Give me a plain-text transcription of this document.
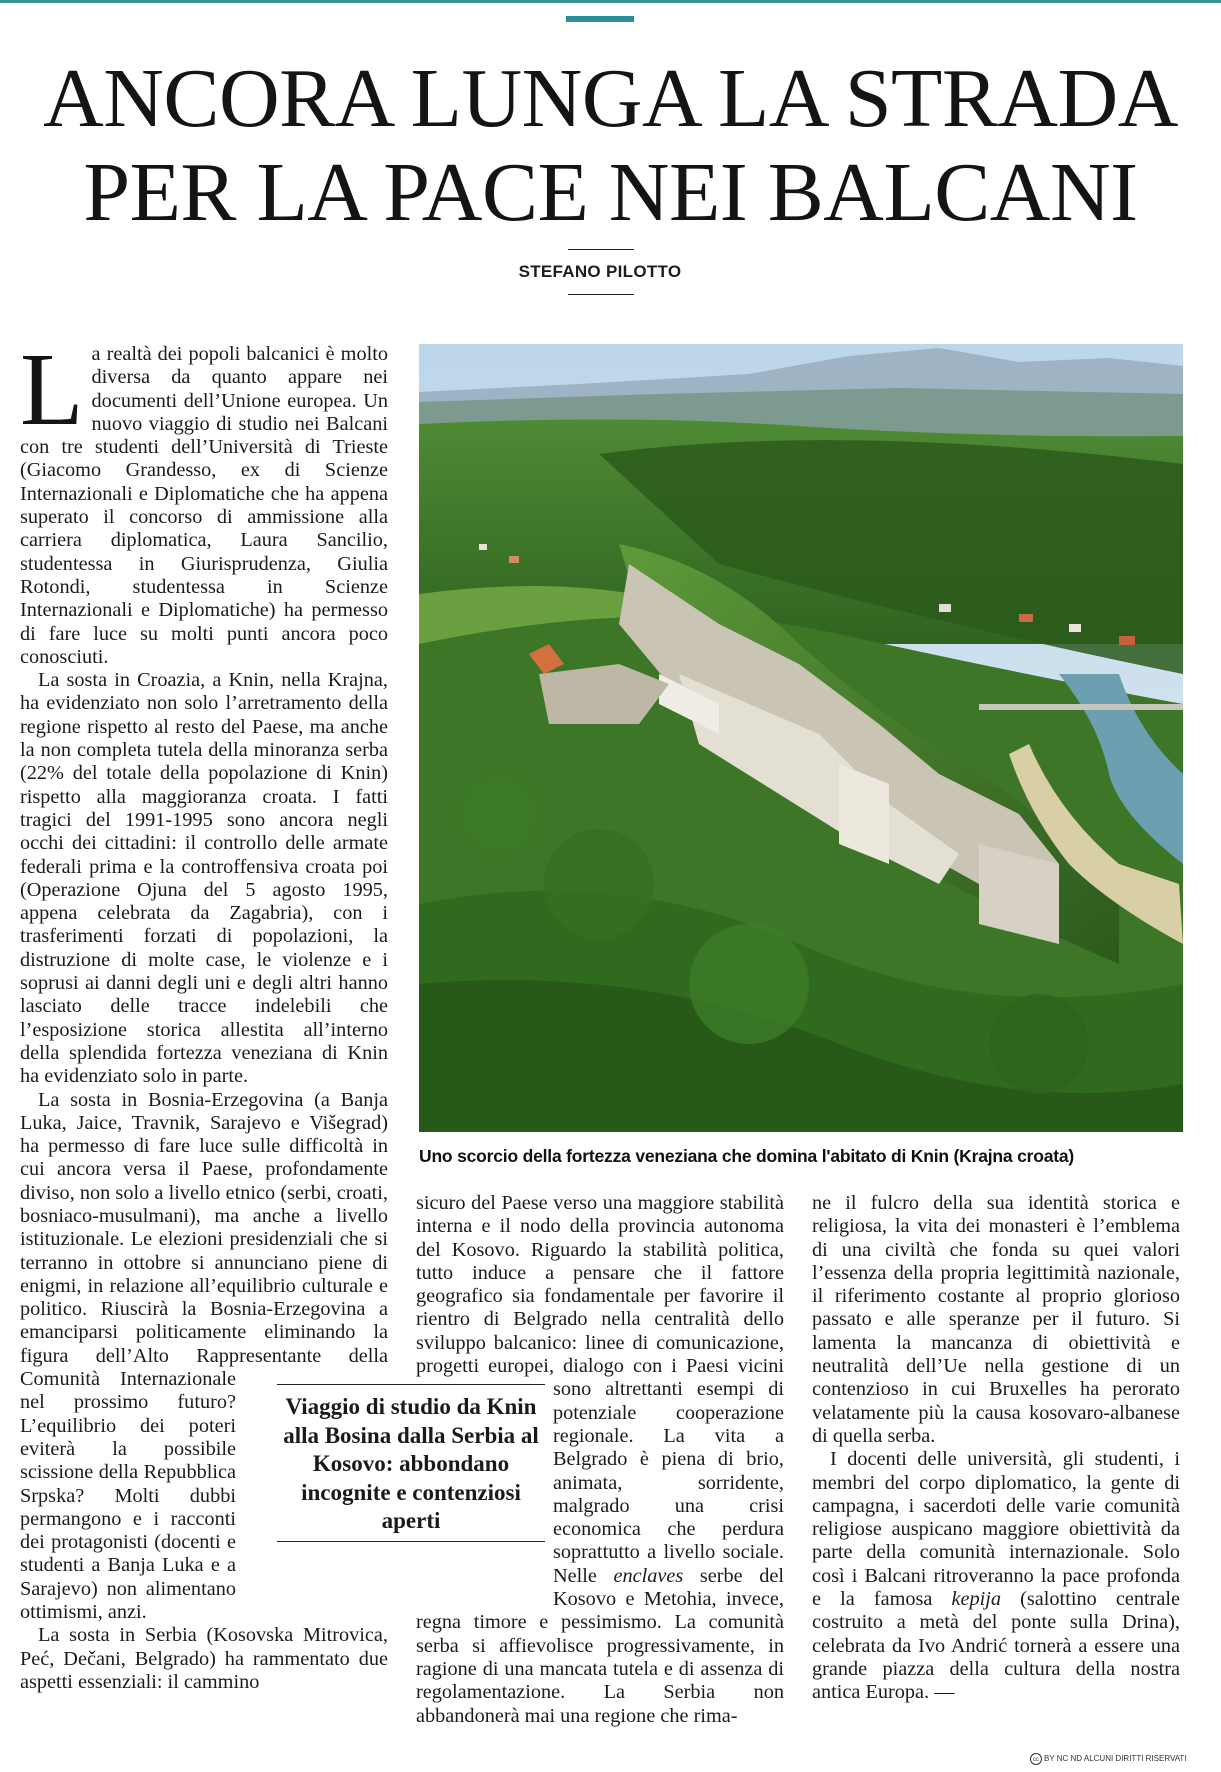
ANCORA LUNGA LA STRADA
PER LA PACE NEI BALCANI
STEFANO PILOTTO

La realtà dei popoli balcanici è molto diversa da quanto appare nei documenti dell’Unione europea. Un nuovo viaggio di studio nei Balcani con tre studenti dell’Università di Trieste (Giacomo Grandesso, ex di Scienze Internazionali e Diplomatiche che ha appena superato il concorso di ammissione alla carriera diplomatica, Laura Sancilio, studentessa in Giurisprudenza, Giulia Rotondi, studentessa in Scienze Internazionali e Diplomatiche) ha permesso di fare luce su molti punti ancora poco conosciuti.

La sosta in Croazia, a Knin, nella Krajna, ha evidenziato non solo l’arretramento della regione rispetto al resto del Paese, ma anche la non completa tutela della minoranza serba (22% del totale della popolazione di Knin) rispetto alla maggioranza croata. I fatti tragici del 1991-1995 sono ancora negli occhi dei cittadini: il controllo delle armate federali prima e la controffensiva croata poi (Operazione Ojuna del 5 agosto 1995, appena celebrata da Zagabria), con i trasferimenti forzati di popolazioni, la distruzione di molte case, le violenze e i soprusi ai danni degli uni e degli altri hanno lasciato delle tracce indelebili che l’esposizione storica allestita all’interno della splendida fortezza veneziana di Knin ha evidenziato solo in parte.

La sosta in Bosnia-Erzegovina (a Banja Luka, Jaice, Travnik, Sarajevo e Višegrad) ha permesso di fare luce sulle difficoltà in cui ancora versa il Paese, profondamente diviso, non solo a livello etnico (serbi, croati, bosniaco-musulmani), ma anche a livello istituzionale. Le elezioni presidenziali che si terranno in ottobre si annunciano piene di enigmi, in relazione all’equilibrio culturale e politico. Riuscirà la Bosnia-Erzegovina a emanciparsi politicamente eliminando la figura dell’Alto Rappresentante della
Comunità Internazionale nel prossimo futuro? L’equilibrio dei poteri eviterà la possibile scissione della Repubblica Srpska? Molti dubbi permangono e i racconti dei protagonisti (docenti e studenti a Banja Luka e a Sarajevo) non alimentano ottimismi, anzi.

La sosta in Serbia (Kosovska Mitrovica, Peć, Dečani, Belgrado) ha rammentato due aspetti essenziali: il cammino

Uno scorcio della fortezza veneziana che domina l'abitato di Knin (Krajna croata)

sicuro del Paese verso una maggiore stabilità interna e il nodo della provincia autonoma del Kosovo. Riguardo la stabilità politica, tutto induce a pensare che il fattore geografico sia fondamentale per favorire il rientro di Belgrado nella centralità dello sviluppo balcanico: linee di comunicazione, progetti europei, dialogo con i Paesi vicini
sono altrettanti esempi di potenziale cooperazione regionale. La vita a Belgrado è piena di brio, animata, sorridente, malgrado una crisi economica che perdura soprattutto a livello sociale. Nelle enclaves serbe del Kosovo e Metohia, invece, regna timore e pessimismo. La comunità serba si affievolisce progressivamente, in ragione di una mancata tutela e di assenza di regolamentazione. La Serbia non abbandonerà mai una regione che rima-

ne il fulcro della sua identità storica e religiosa, la vita dei monasteri è l’emblema di una civiltà che fonda su quei valori l’essenza della propria legittimità nazionale, il riferimento costante al proprio glorioso passato e alle speranze per il futuro. Si lamenta la mancanza di obiettività e neutralità dell’Ue nella gestione di un contenzioso in cui Bruxelles ha perorato velatamente più la causa kosovaro-albanese di quella serba.

I docenti delle università, gli studenti, i membri del corpo diplomatico, la gente di campagna, i sacerdoti delle varie comunità religiose auspicano maggiore obiettività da parte della comunità internazionale. Solo così i Balcani ritroveranno la pace profonda e la famosa kepija (salottino centrale costruito a metà del ponte sulla Drina), celebrata da Ivo Andrić tornerà a essere una grande piazza della cultura della nostra antica Europa. —

Viaggio di studio da Knin alla Bosina dalla Serbia al Kosovo: abbondano incognite e contenziosi aperti
cc BY NC ND ALCUNI DIRITTI RISERVATI
